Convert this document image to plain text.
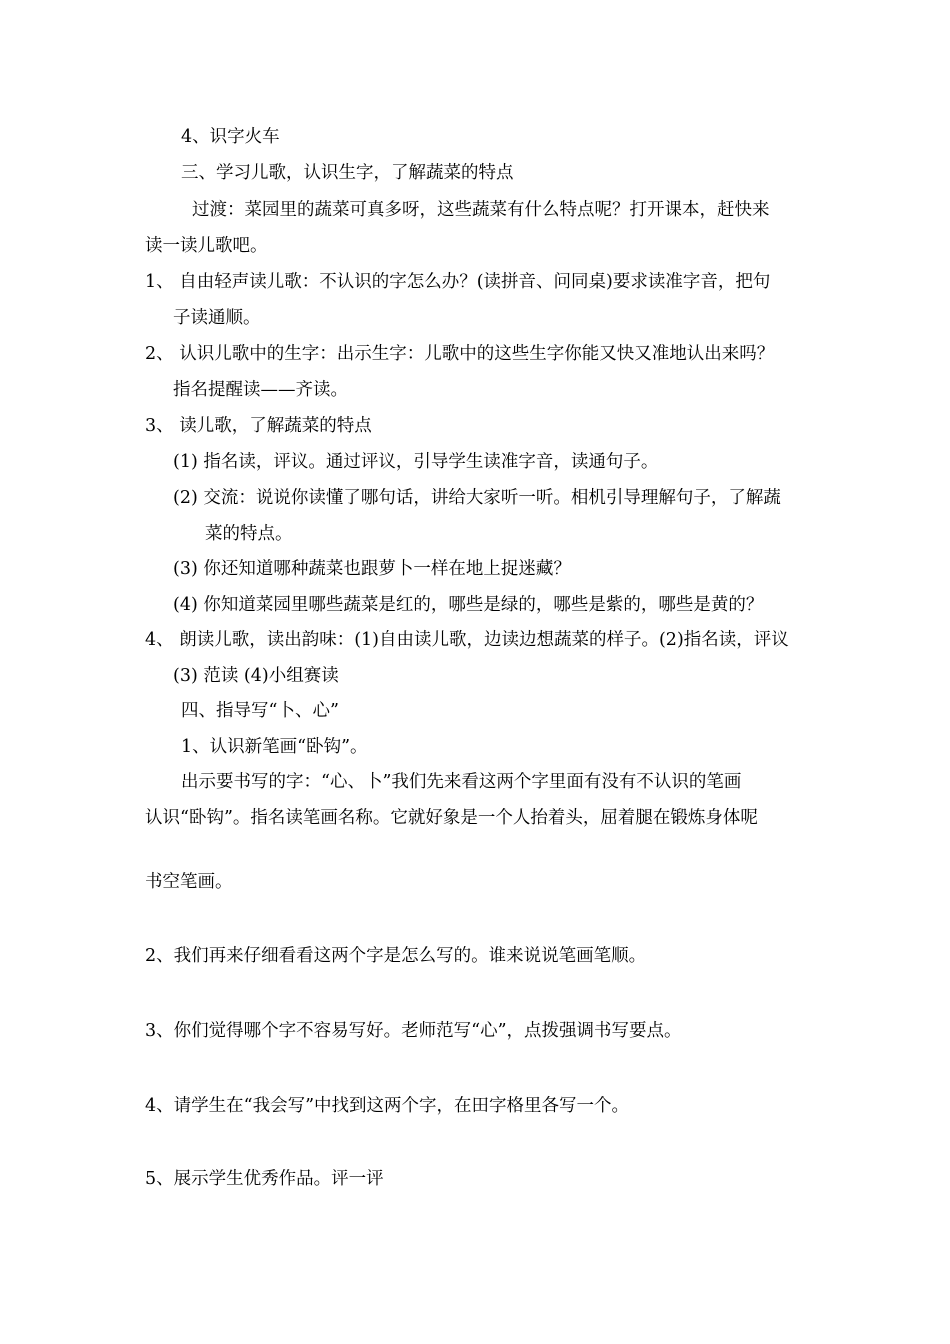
4、识字火车
三、学习儿歌，认识生字，了解蔬菜的特点
过渡：菜园里的蔬菜可真多呀，这些蔬菜有什么特点呢？打开课本，赶快来
读一读儿歌吧。
1、 自由轻声读儿歌：不认识的字怎么办？(读拼音、问同桌)要求读准字音，把句
子读通顺。
2、 认识儿歌中的生字：出示生字：儿歌中的这些生字你能又快又准地认出来吗？
指名提醒读——齐读。
3、 读儿歌，了解蔬菜的特点
(1) 指名读，评议。通过评议，引导学生读准字音，读通句子。
(2) 交流：说说你读懂了哪句话，讲给大家听一听。相机引导理解句子，了解蔬
菜的特点。
(3) 你还知道哪种蔬菜也跟萝卜一样在地上捉迷藏？
(4) 你知道菜园里哪些蔬菜是红的，哪些是绿的，哪些是紫的，哪些是黄的？
4、 朗读儿歌，读出韵味：(1)自由读儿歌，边读边想蔬菜的样子。(2)指名读，评议
(3) 范读 (4)小组赛读
四、指导写“卜、心”
1、认识新笔画“卧钩”。
出示要书写的字：“心、卜”我们先来看这两个字里面有没有不认识的笔画
认识“卧钩”。指名读笔画名称。它就好象是一个人抬着头，屈着腿在锻炼身体呢
书空笔画。
2、我们再来仔细看看这两个字是怎么写的。谁来说说笔画笔顺。
3、你们觉得哪个字不容易写好。老师范写“心”，点拨强调书写要点。
4、请学生在“我会写”中找到这两个字，在田字格里各写一个。
5、展示学生优秀作品。评一评
